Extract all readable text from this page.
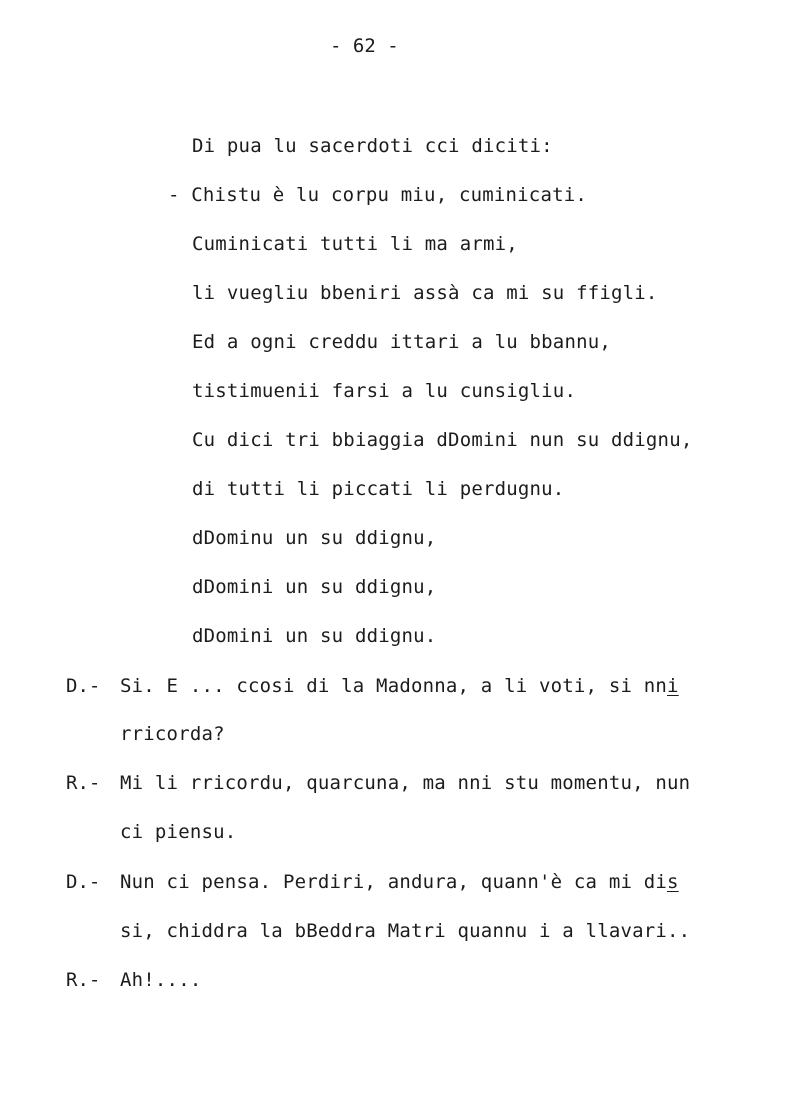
- 62 -
Di pua lu sacerdoti cci diciti:
- Chistu è lu corpu miu, cuminicati.
Cuminicati tutti li ma armi,
li vuegliu bbeniri assà ca mi su ffigli.
Ed a ogni creddu ittari a lu bbannu,
tistimuenii farsi a lu cunsigliu.
Cu dici tri bbiaggia dDomini nun su ddignu,
di tutti li piccati li perdugnu.
dDominu un su ddignu,
dDomini un su ddignu,
dDomini un su ddignu.
D.- Si. E ... ccosi di la Madonna, a li voti, si nni
rricorda?
R.- Mi li rricordu, quarcuna, ma nni stu momentu, nun
ci piensu.
D.- Nun ci pensa. Perdiri, andura, quann'è ca mi dis
si, chiddra la bBeddra Matri quannu i a llavari..
R.- Ah!....
